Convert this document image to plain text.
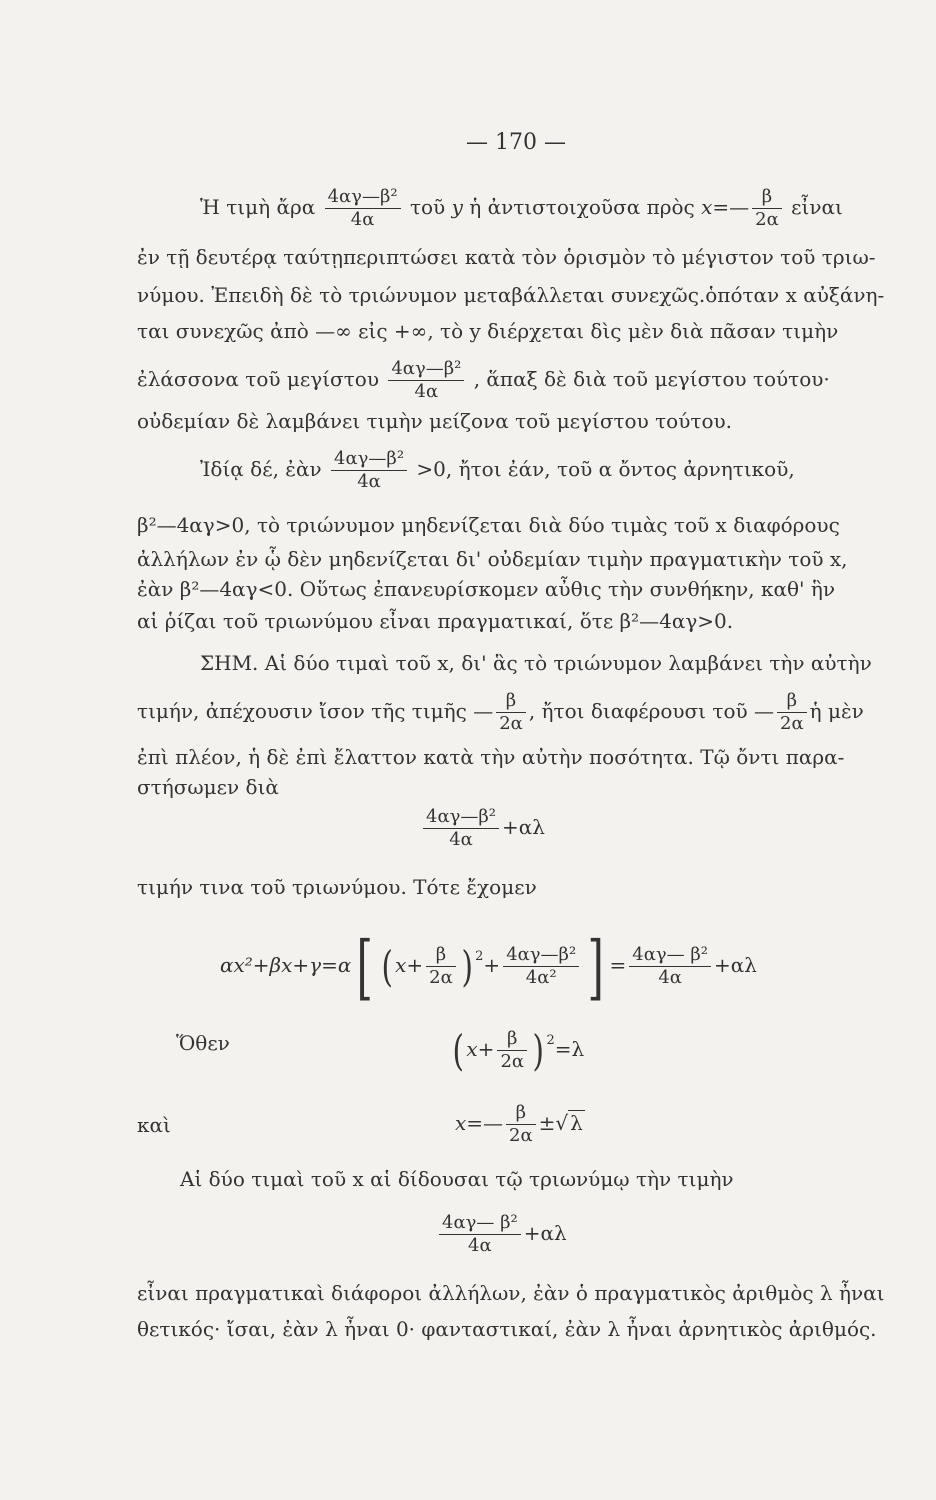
— 170 —
Ἡ τιμὴ ἄρα $\frac{\text{4αγ—β²}}{4\alpha}$ τοῦ y ἡ ἀντιστοιχοῦσα πρὸς x=— $\frac{\beta}{2\alpha}$ εἶναι
ἐν τῇ δευτέρᾳ ταύτῃπεριπτώσει κατὰ τὸν ὁρισμὸν τὸ μέγιστον τοῦ τριω-
νύμου. Ἐπειδὴ δὲ τὸ τριώνυμον μεταβάλλεται συνεχῶς.ὁπόταν x αὐξάνη-
ται συνεχῶς ἀπὸ —∞ εἰς +∞, τὸ y διέρχεται δὶς μὲν διὰ πᾶσαν τιμὴν
ἐλάσσονα τοῦ μεγίστου $\frac{\text{4αγ—β²}}{4\alpha}$ , ἅπαξ δὲ διὰ τοῦ μεγίστου τούτου·
οὐδεμίαν δὲ λαμβάνει τιμὴν μείζονα τοῦ μεγίστου τούτου.
Ἰδίᾳ δέ, ἐὰν $\frac{\text{4αγ—β²}}{4\alpha} >0$, ἤτοι ἐάν, τοῦ α ὄντος ἀρνητικοῦ,
β²—4αγ>0, τὸ τριώνυμον μηδενίζεται διὰ δύο τιμὰς τοῦ x διαφόρους
ἀλλήλων ἐν ᾧ δὲν μηδενίζεται δι' οὐδεμίαν τιμὴν πραγματικὴν τοῦ x,
ἐὰν β²—4αγ<0. Οὕτως ἐπανευρίσκομεν αὖθις τὴν συνθήκην, καθ' ἣν
αἱ ῥίζαι τοῦ τριωνύμου εἶναι πραγματικαί, ὅτε β²—4αγ>0.
ΣΗΜ. Αἱ δύο τιμαὶ τοῦ x, δι' ἃς τὸ τριώνυμον λαμβάνει τὴν αὐτὴν
τιμήν, ἀπέχουσιν ἴσον τῆς τιμῆς — $\frac{\beta}{2\alpha}$ , ἤτοι διαφέρουσι τοῦ — $\frac{\beta}{2\alpha}$ ἡ μὲν
ἐπὶ πλέον, ἡ δὲ ἐπὶ ἔλαττον κατὰ τὴν αὐτὴν ποσότητα. Τῷ ὄντι παρα-
στήσωμεν διὰ
$\frac{\text{4αγ—β²}}{4\alpha} +\alpha\lambda$
τιμήν τινα τοῦ τριωνύμου. Τότε ἔχομεν
αx²+βx+γ=α[ ( $x+ \frac{\beta}{2\alpha}$ ) $^2+ \frac{\text{4αγ—β²}}{\text{4α²}}$ ] = $\frac{\text{4αγ— β²}}{4\alpha} +\alpha\lambda$
Ὅθεν	( $x+ \frac{\beta}{2\alpha}$ ) $^2$=λ
καὶ	x=— $\frac{\beta}{2\alpha}$ ±√ λ
Αἱ δύο τιμαὶ τοῦ x αἱ δίδουσαι τῷ τριωνύμῳ τὴν τιμὴν
$\frac{\text{4αγ— β²}}{4\alpha} +\alpha\lambda$
εἶναι πραγματικαὶ διάφοροι ἀλλήλων, ἐὰν ὁ πραγματικὸς ἀριθμὸς λ ἦναι
θετικός· ἴσαι, ἐὰν λ ἦναι 0· φανταστικαί, ἐὰν λ ἦναι ἀρνητικὸς ἀριθμός.
